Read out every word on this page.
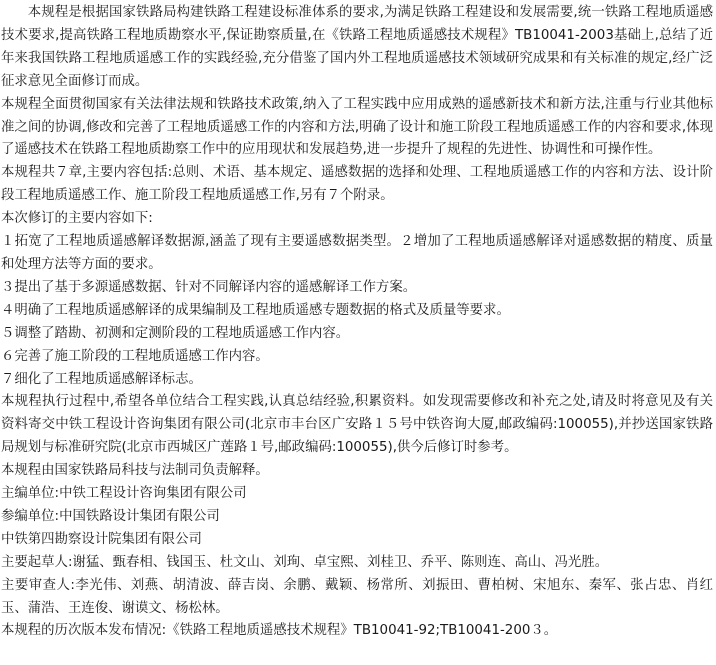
本规程是根据国家铁路局构建铁路工程建设标准体系的要求,为满足铁路工程建设和发展需要,统一铁路工程地质遥感技术要求,提高铁路工程地质勘察水平,保证勘察质量,在《铁路工程地质遥感技术规程》TB10041-2003基础上,总结了近年来我国铁路工程地质遥感工作的实践经验,充分借鉴了国内外工程地质遥感技术领域研究成果和有关标准的规定,经广泛征求意见全面修订而成。

本规程全面贯彻国家有关法律法规和铁路技术政策,纳入了工程实践中应用成熟的遥感新技术和新方法,注重与行业其他标准之间的协调,修改和完善了工程地质遥感工作的内容和方法,明确了设计和施工阶段工程地质遥感工作的内容和要求,体现了遥感技术在铁路工程地质勘察工作中的应用现状和发展趋势,进一步提升了规程的先进性、协调性和可操作性。

本规程共７章,主要内容包括:总则、术语、基本规定、遥感数据的选择和处理、工程地质遥感工作的内容和方法、设计阶段工程地质遥感工作、施工阶段工程地质遥感工作,另有７个附录。

本次修订的主要内容如下:

１拓宽了工程地质遥感解译数据源,涵盖了现有主要遥感数据类型。２增加了工程地质遥感解译对遥感数据的精度、质量和处理方法等方面的要求。

３提出了基于多源遥感数据、针对不同解译内容的遥感解译工作方案。

４明确了工程地质遥感解译的成果编制及工程地质遥感专题数据的格式及质量等要求。

５调整了踏勘、初测和定测阶段的工程地质遥感工作内容。

６完善了施工阶段的工程地质遥感工作内容。

７细化了工程地质遥感解译标志。

本规程执行过程中,希望各单位结合工程实践,认真总结经验,积累资料。如发现需要修改和补充之处,请及时将意见及有关资料寄交中铁工程设计咨询集团有限公司(北京市丰台区广安路１５号中铁咨询大厦,邮政编码:100055),并抄送国家铁路局规划与标准研究院(北京市西城区广莲路１号,邮政编码:100055),供今后修订时参考。

本规程由国家铁路局科技与法制司负责解释。

主编单位:中铁工程设计咨询集团有限公司

参编单位:中国铁路设计集团有限公司

中铁第四勘察设计院集团有限公司

主要起草人:谢猛、甄春相、钱国玉、杜文山、刘珣、卓宝熙、刘桂卫、乔平、陈则连、高山、冯光胜。

主要审查人:李光伟、刘燕、胡清波、薛吉岗、余鹏、戴颖、杨常所、刘振田、曹柏树、宋旭东、秦军、张占忠、肖红玉、蒲浩、王连俊、谢谟文、杨松林。

本规程的历次版本发布情况:《铁路工程地质遥感技术规程》TB10041-92;TB10041-200３。
